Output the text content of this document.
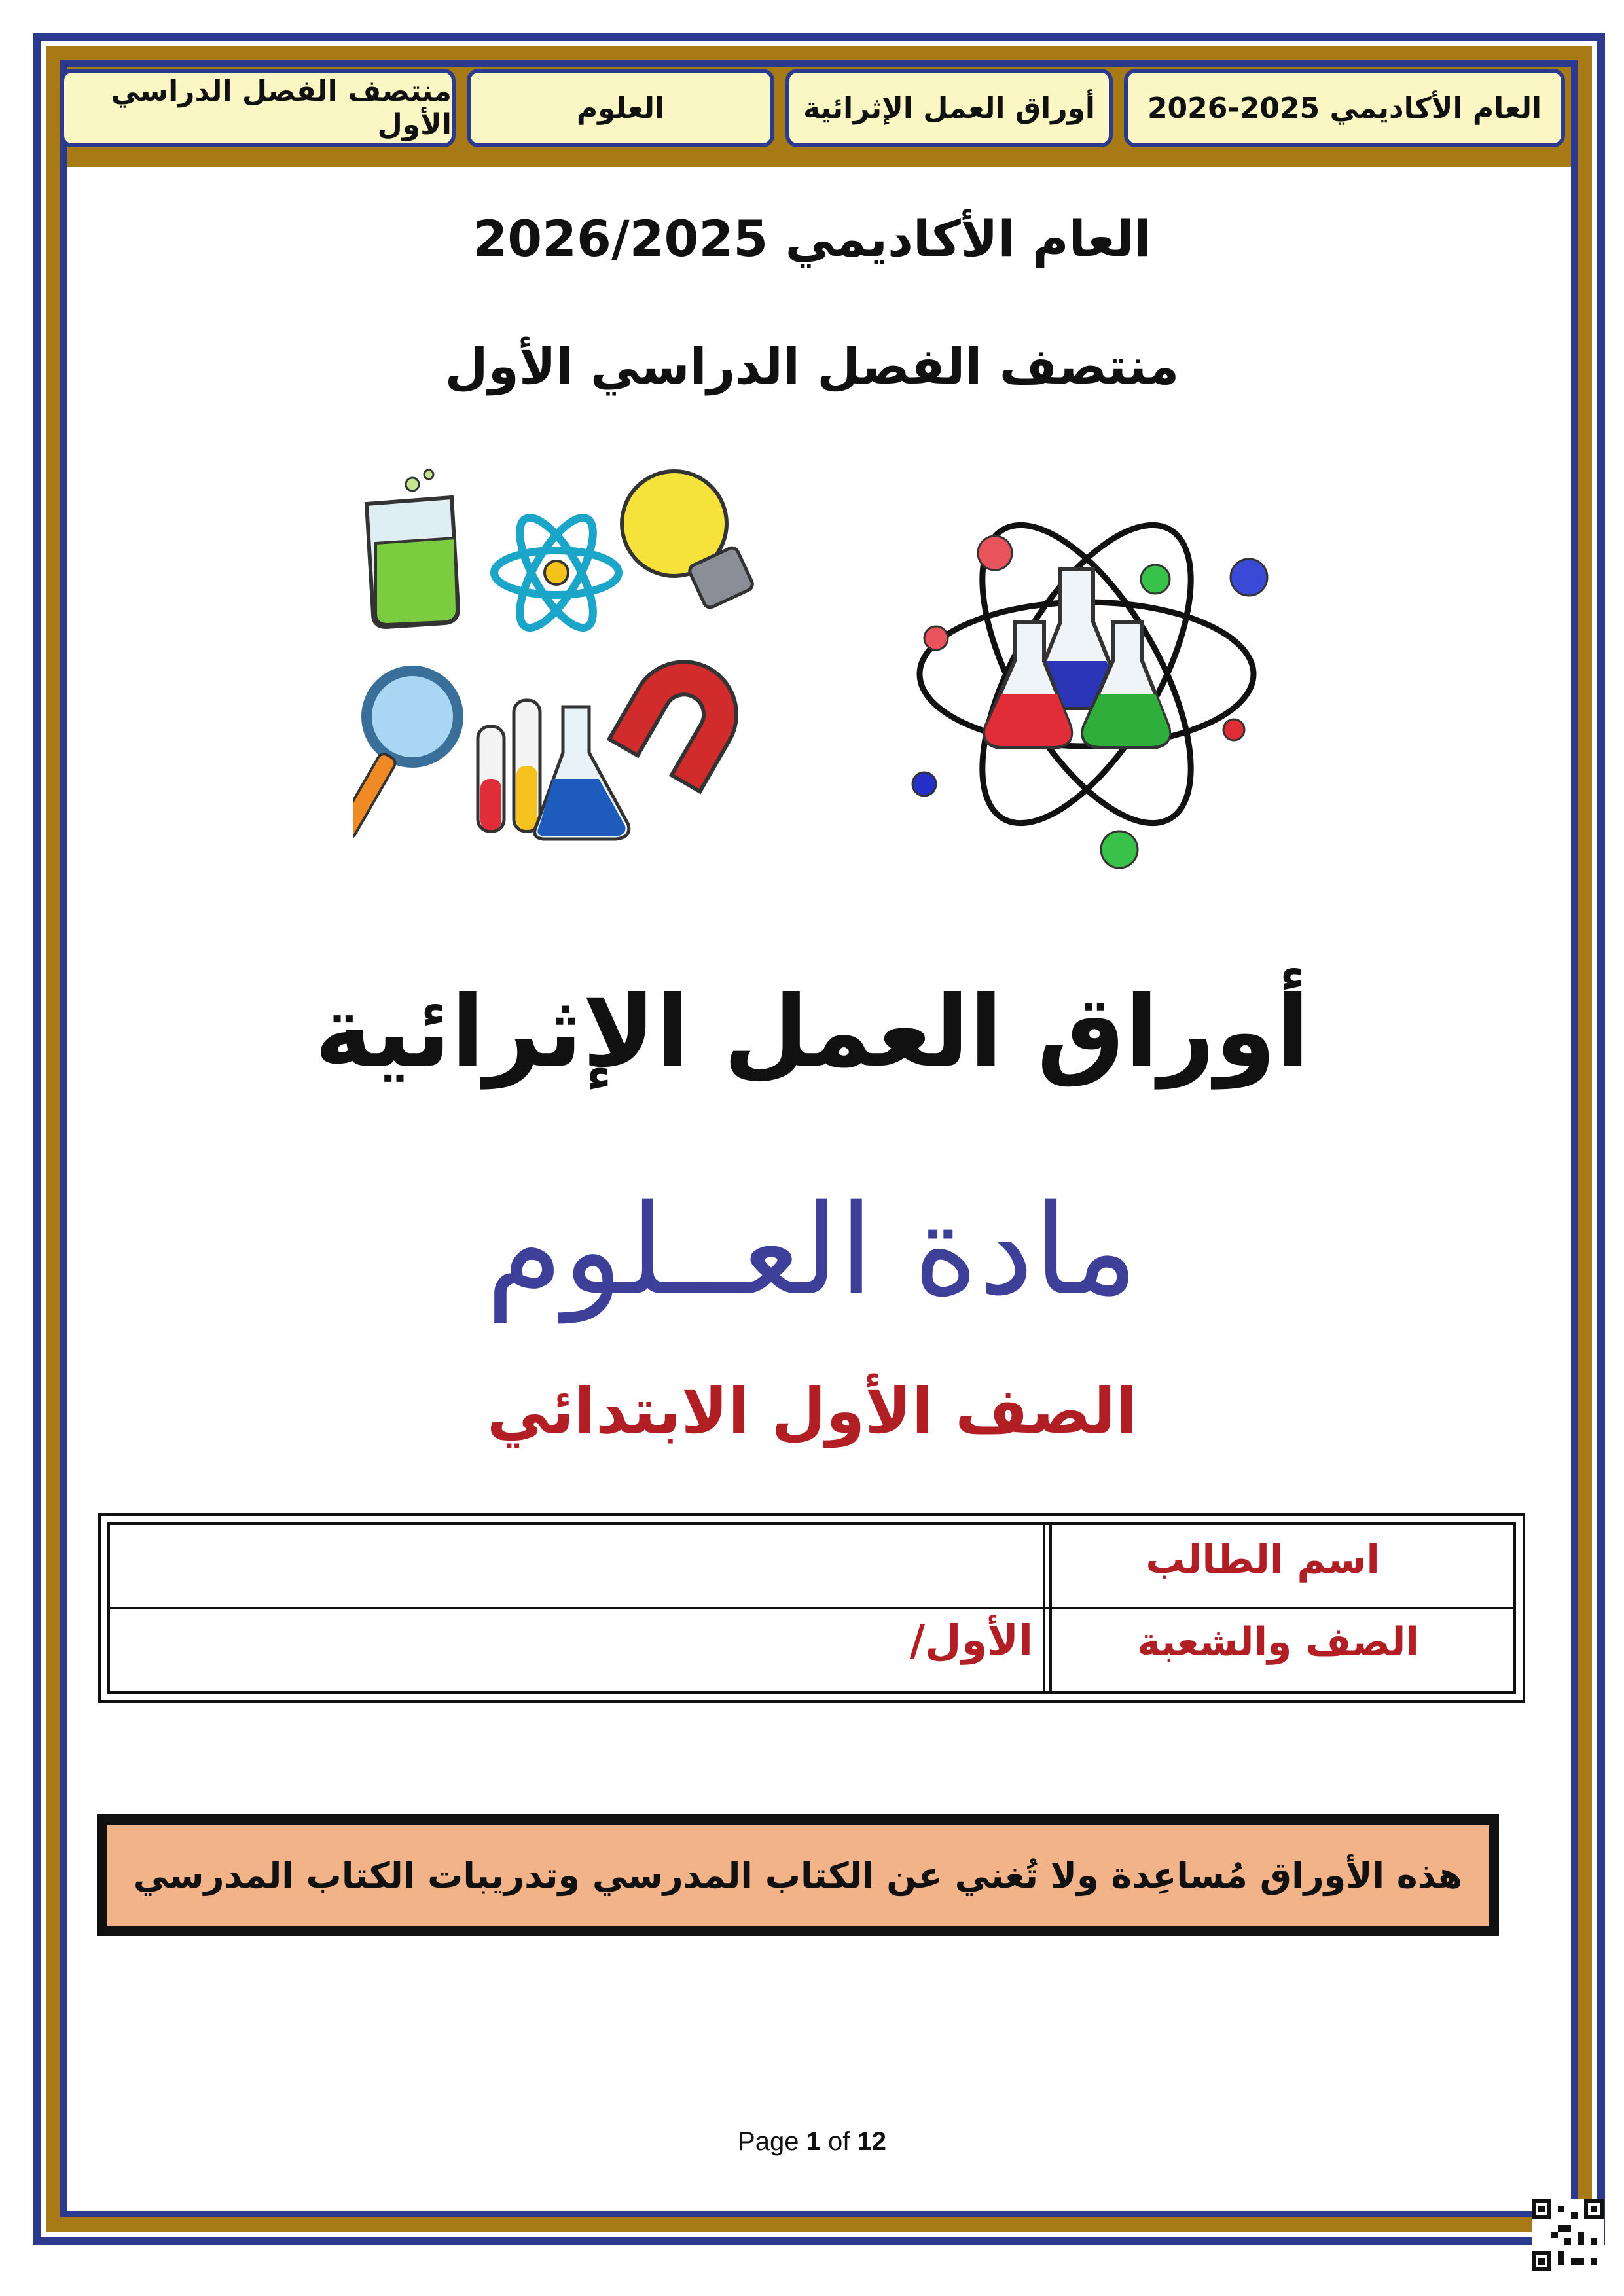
العام الأكاديمي 2025-2026
أوراق العمل الإثرائية
العلوم
منتصف الفصل الدراسي الأول
العام الأكاديمي 2026/2025
منتصف الفصل الدراسي الأول
أوراق العمل الإثرائية
مادة العــلوم
الصف الأول الابتدائي
اسم الطالب
الصف والشعبة
الأول/
هذه الأوراق مُساعِدة ولا تُغني عن الكتاب المدرسي وتدريبات الكتاب المدرسي
Page 1 of 12
